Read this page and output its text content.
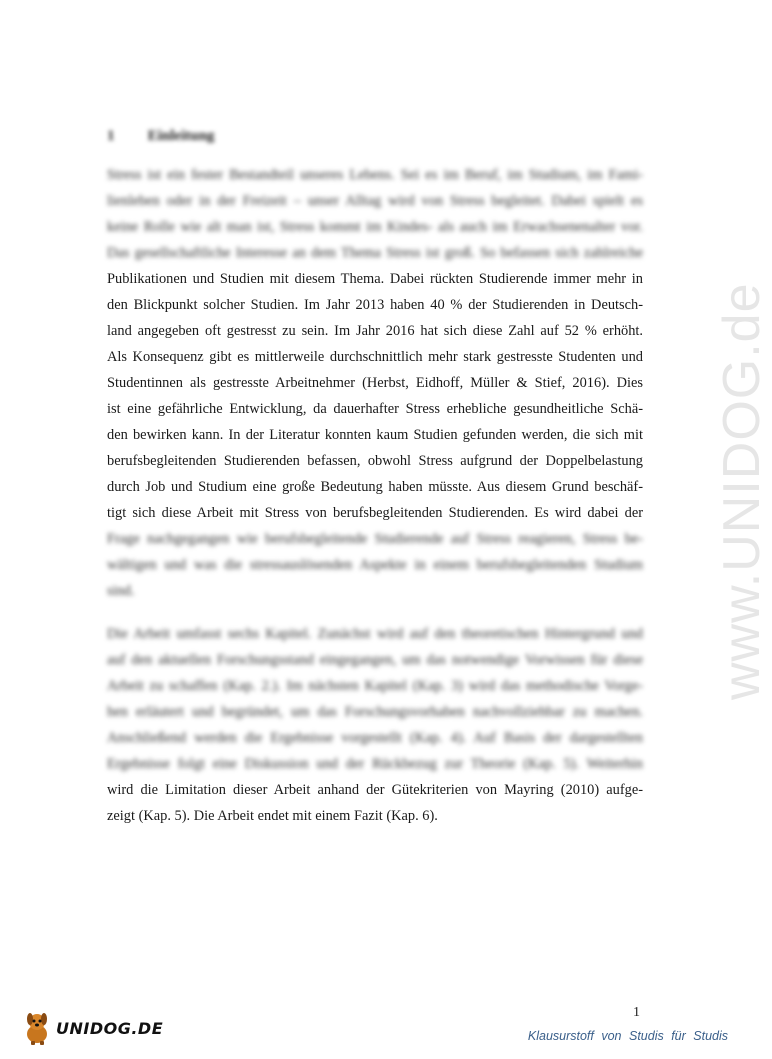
1 Einleitung
Stress ist ein fester Bestandteil unseres Lebens. Sei es im Beruf, im Studium, im Fami-
lienleben oder in der Freizeit – unser Alltag wird von Stress begleitet. Dabei spielt es
keine Rolle wie alt man ist, Stress kommt im Kindes- als auch im Erwachsenenalter vor.
Das gesellschaftliche Interesse an dem Thema Stress ist groß. So befassen sich zahlreiche
Publikationen und Studien mit diesem Thema. Dabei rückten Studierende immer mehr in
den Blickpunkt solcher Studien. Im Jahr 2013 haben 40 % der Studierenden in Deutsch-
land angegeben oft gestresst zu sein. Im Jahr 2016 hat sich diese Zahl auf 52 % erhöht.
Als Konsequenz gibt es mittlerweile durchschnittlich mehr stark gestresste Studenten und
Studentinnen als gestresste Arbeitnehmer (Herbst, Eidhoff, Müller & Stief, 2016). Dies
ist eine gefährliche Entwicklung, da dauerhafter Stress erhebliche gesundheitliche Schä-
den bewirken kann. In der Literatur konnten kaum Studien gefunden werden, die sich mit
berufsbegleitenden Studierenden befassen, obwohl Stress aufgrund der Doppelbelastung
durch Job und Studium eine große Bedeutung haben müsste. Aus diesem Grund beschäf-
tigt sich diese Arbeit mit Stress von berufsbegleitenden Studierenden. Es wird dabei der
Frage nachgegangen wie berufsbegleitende Studierende auf Stress reagieren, Stress be-
wältigen und was die stressauslösenden Aspekte in einem berufsbegleitenden Studium
sind.
Die Arbeit umfasst sechs Kapitel. Zunächst wird auf den theoretischen Hintergrund und
auf den aktuellen Forschungsstand eingegangen, um das notwendige Vorwissen für diese
Arbeit zu schaffen (Kap. 2.). Im nächsten Kapitel (Kap. 3) wird das methodische Vorge-
hen erläutert und begründet, um das Forschungsvorhaben nachvollziehbar zu machen.
Anschließend werden die Ergebnisse vorgestellt (Kap. 4). Auf Basis der dargestellten
Ergebnisse folgt eine Diskussion und der Rückbezug zur Theorie (Kap. 5). Weiterhin
wird die Limitation dieser Arbeit anhand der Gütekriterien von Mayring (2010) aufge-
zeigt (Kap. 5). Die Arbeit endet mit einem Fazit (Kap. 6).
www.UNIDOG.de
1
UNIDOG.DE	Klausurstoff von Studis für Studis
